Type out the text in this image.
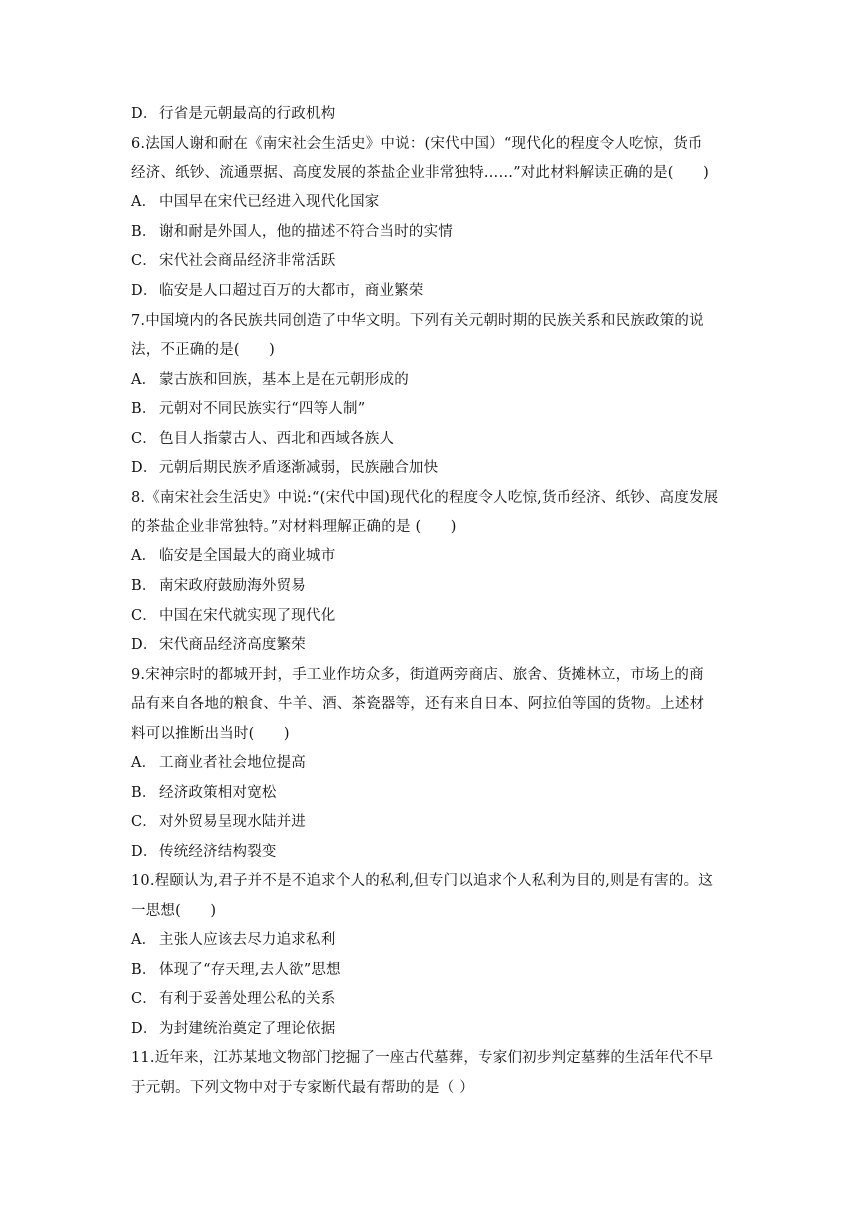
D．行省是元朝最高的行政机构
6.法国人谢和耐在《南宋社会生活史》中说：(宋代中国）“现代化的程度令人吃惊，货币
经济、纸钞、流通票据、高度发展的茶盐企业非常独特……”对此材料解读正确的是(　　)
A． 中国早在宋代已经进入现代化国家
B． 谢和耐是外国人，他的描述不符合当时的实情
C． 宋代社会商品经济非常活跃
D．临安是人口超过百万的大都市，商业繁荣
7.中国境内的各民族共同创造了中华文明。下列有关元朝时期的民族关系和民族政策的说
法，不正确的是(　　)
A． 蒙古族和回族，基本上是在元朝形成的
B． 元朝对不同民族实行“四等人制”
C． 色目人指蒙古人、西北和西域各族人
D．元朝后期民族矛盾逐渐减弱，民族融合加快
8.《南宋社会生活史》中说:“(宋代中国)现代化的程度令人吃惊,货币经济、纸钞、高度发展
的茶盐企业非常独特。”对材料理解正确的是 (　　)
A． 临安是全国最大的商业城市
B． 南宋政府鼓励海外贸易
C． 中国在宋代就实现了现代化
D．宋代商品经济高度繁荣
9.宋神宗时的都城开封，手工业作坊众多，街道两旁商店、旅舍、货摊林立，市场上的商
品有来自各地的粮食、牛羊、酒、茶瓷器等，还有来自日本、阿拉伯等国的货物。上述材
料可以推断出当时(　　)
A． 工商业者社会地位提高
B． 经济政策相对宽松
C． 对外贸易呈现水陆并进
D．传统经济结构裂变
10.程颐认为,君子并不是不追求个人的私利,但专门以追求个人私利为目的,则是有害的。这
一思想(　　)
A． 主张人应该去尽力追求私利
B． 体现了“存天理,去人欲”思想
C． 有利于妥善处理公私的关系
D．为封建统治奠定了理论依据
11.近年来，江苏某地文物部门挖掘了一座古代墓葬，专家们初步判定墓葬的生活年代不早
于元朝。下列文物中对于专家断代最有帮助的是（ ）
